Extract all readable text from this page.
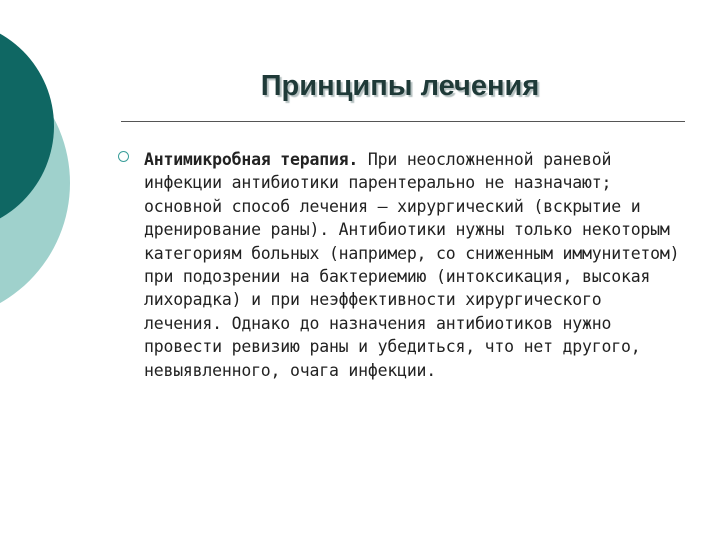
Принципы лечения

Антимикробная терапия. При неосложненной раневой инфекции антибиотики парентерально не назначают; основной способ лечения – хирургический (вскрытие и дренирование раны). Антибиотики нужны только некоторым категориям больных (например, со сниженным иммунитетом) при подозрении на бактериемию (интоксикация, высокая лихорадка) и при неэффективности хирургического лечения. Однако до назначения антибиотиков нужно провести ревизию раны и убедиться, что нет другого, невыявленного, очага инфекции.
